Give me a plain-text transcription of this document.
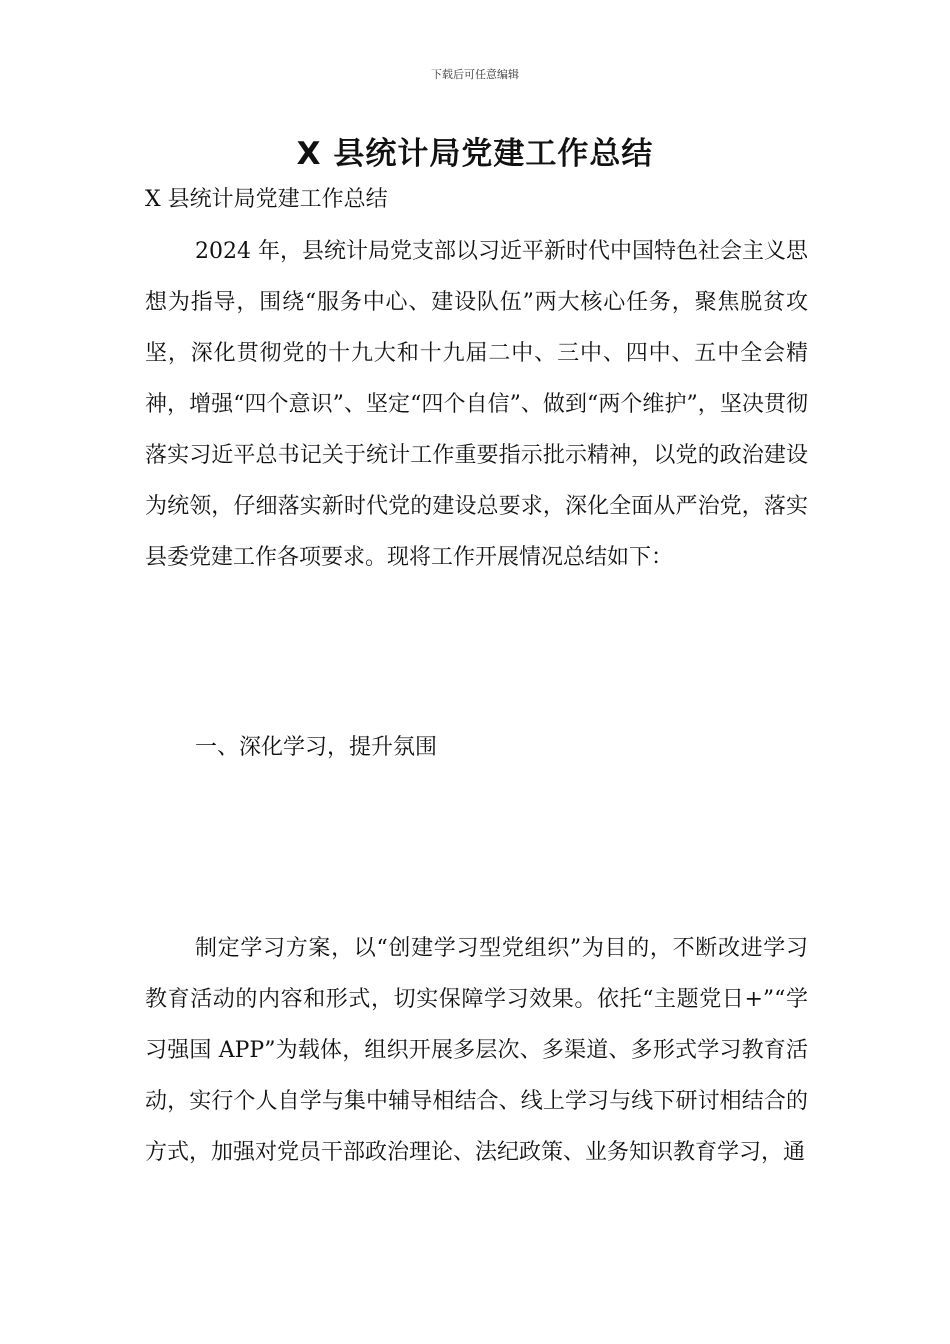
下载后可任意编辑
X 县统计局党建工作总结

X 县统计局党建工作总结

2024 年，县统计局党支部以习近平新时代中国特色社会主义思想为指导，围绕“服务中心、建设队伍”两大核心任务，聚焦脱贫攻坚，深化贯彻党的十九大和十九届二中、三中、四中、五中全会精神，增强“四个意识”、坚定“四个自信”、做到“两个维护”，坚决贯彻落实习近平总书记关于统计工作重要指示批示精神，以党的政治建设为统领，仔细落实新时代党的建设总要求，深化全面从严治党，落实县委党建工作各项要求。现将工作开展情况总结如下：

一、深化学习，提升氛围

制定学习方案，以“创建学习型党组织”为目的，不断改进学习教育活动的内容和形式，切实保障学习效果。依托“主题党日+”“学习强国 APP”为载体，组织开展多层次、多渠道、多形式学习教育活动，实行个人自学与集中辅导相结合、线上学习与线下研讨相结合的方式，加强对党员干部政治理论、法纪政策、业务知识教育学习，通
